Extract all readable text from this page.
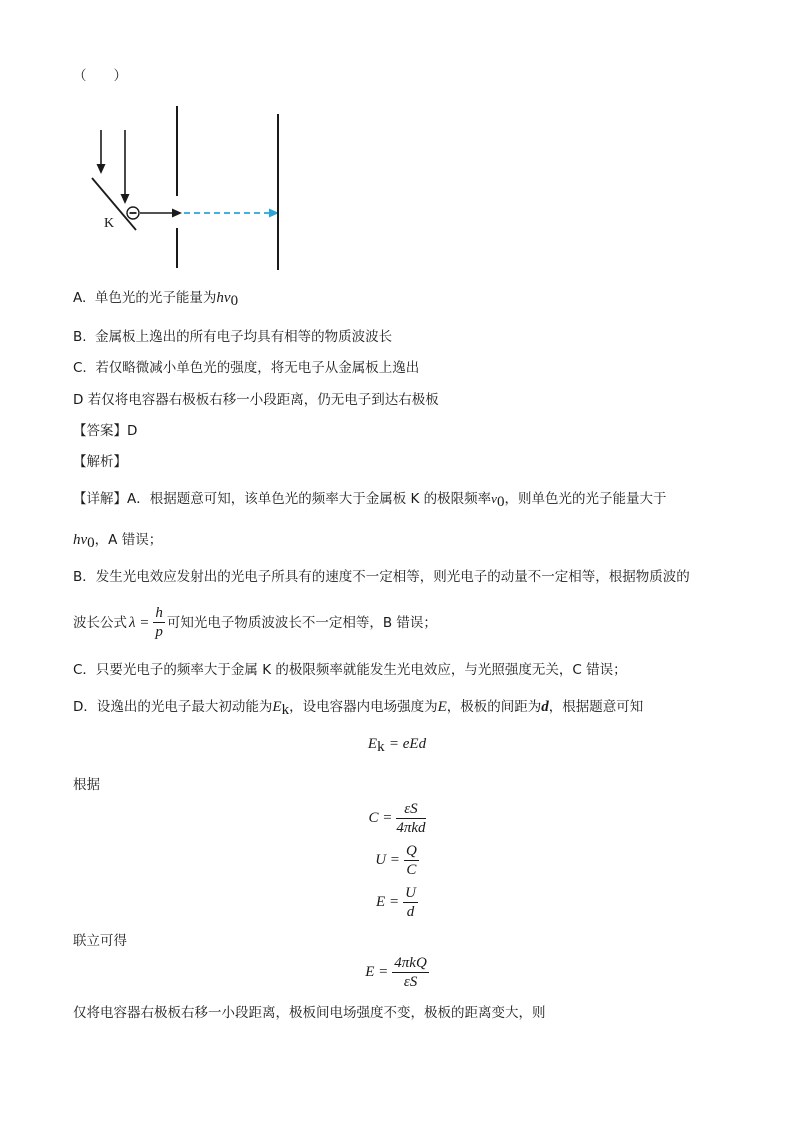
（　　）
K
A. 单色光的光子能量为$h\nu_0$
B. 金属板上逸出的所有电子均具有相等的物质波波长
C. 若仅略微减小单色光的强度，将无电子从金属板上逸出
D 若仅将电容器右极板右移一小段距离，仍无电子到达右极板
【答案】D
【解析】
【详解】A．根据题意可知，该单色光的频率大于金属板 K 的极限频率$\nu_0$，则单色光的光子能量大于
$h\nu_0$，A 错误；
B．发生光电效应发射出的光电子所具有的速度不一定相等，则光电子的动量不一定相等，根据物质波的
波长公式 $\lambda = \frac{h}{p}$ 可知光电子物质波波长不一定相等，B 错误；
C．只要光电子的频率大于金属 K 的极限频率就能发生光电效应，与光照强度无关，C 错误；
D．设逸出的光电子最大初动能为$E_k$，设电容器内电场强度为E，极板的间距为d，根据题意可知
$E_k$ = eEd
根据
$C = \frac{\varepsilon S}{\text{4πkd}}$
$U = \frac{Q}{C}$
$E = \frac{U}{d}$
联立可得
$E = \frac{\text{4πkQ}}{\varepsilon S}$
仅将电容器右极板右移一小段距离，极板间电场强度不变，极板的距离变大，则
